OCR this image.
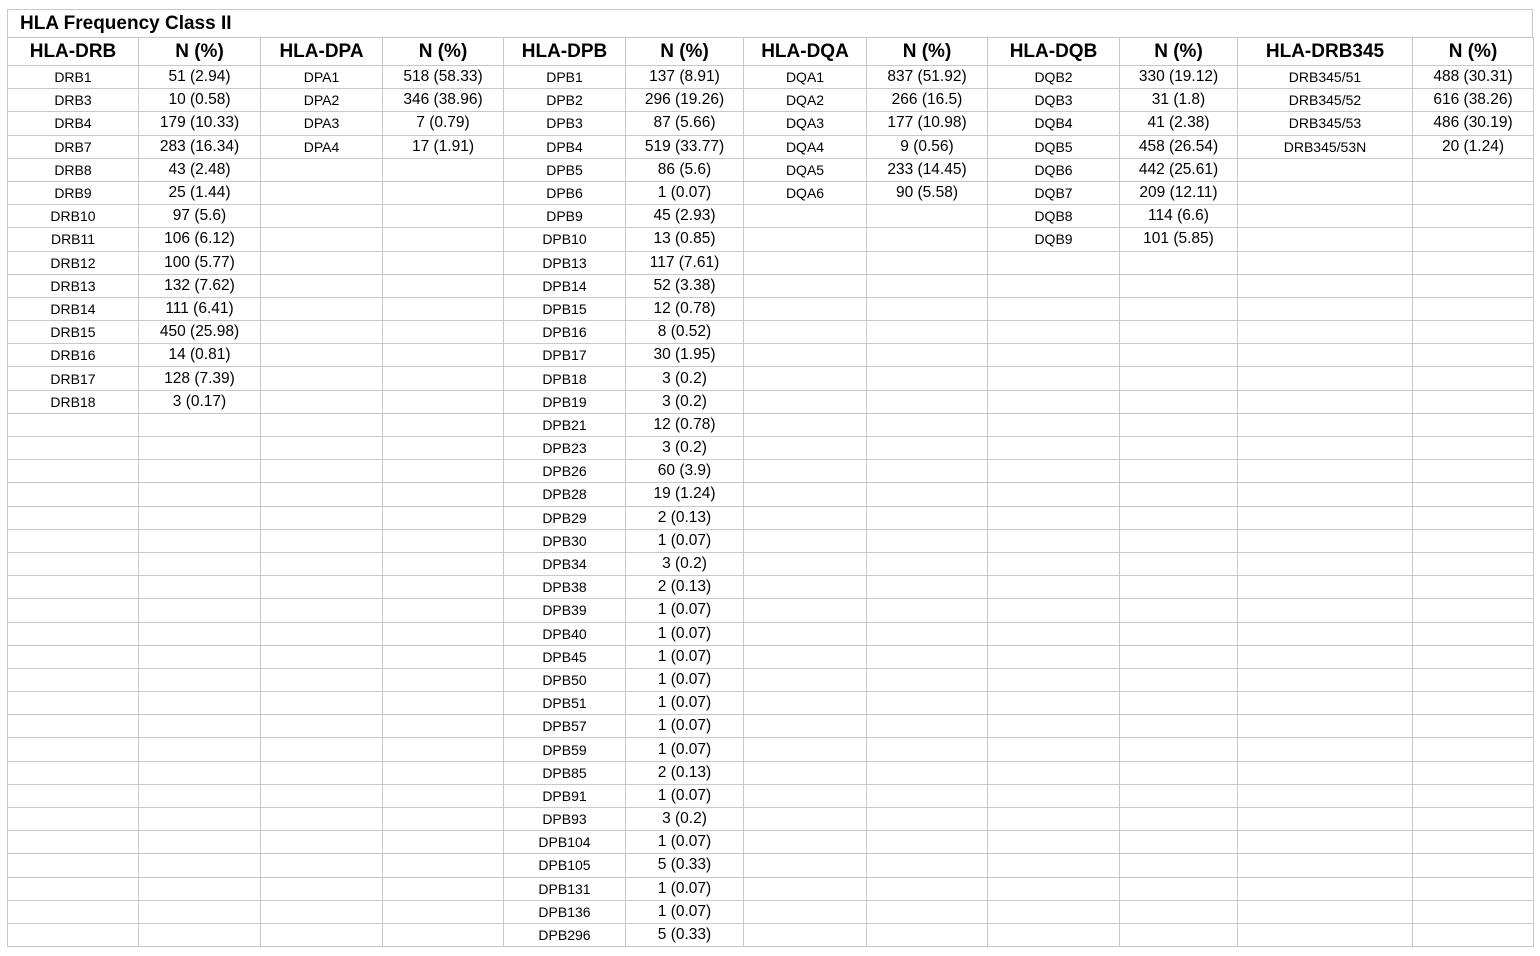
HLA Frequency Class II
HLA-DRB	N (%)	HLA-DPA	N (%)	HLA-DPB	N (%)	HLA-DQA	N (%)	HLA-DQB	N (%)	HLA-DRB345	N (%)
DRB1	51 (2.94)	DPA1	518 (58.33)	DPB1	137 (8.91)	DQA1	837 (51.92)	DQB2	330 (19.12)	DRB345/51	488 (30.31)
DRB3	10 (0.58)	DPA2	346 (38.96)	DPB2	296 (19.26)	DQA2	266 (16.5)	DQB3	31 (1.8)	DRB345/52	616 (38.26)
DRB4	179 (10.33)	DPA3	7 (0.79)	DPB3	87 (5.66)	DQA3	177 (10.98)	DQB4	41 (2.38)	DRB345/53	486 (30.19)
DRB7	283 (16.34)	DPA4	17 (1.91)	DPB4	519 (33.77)	DQA4	9 (0.56)	DQB5	458 (26.54)	DRB345/53N	20 (1.24)
DRB8	43 (2.48)			DPB5	86 (5.6)	DQA5	233 (14.45)	DQB6	442 (25.61)		
DRB9	25 (1.44)			DPB6	1 (0.07)	DQA6	90 (5.58)	DQB7	209 (12.11)		
DRB10	97 (5.6)			DPB9	45 (2.93)			DQB8	114 (6.6)		
DRB11	106 (6.12)			DPB10	13 (0.85)			DQB9	101 (5.85)		
DRB12	100 (5.77)			DPB13	117 (7.61)						
DRB13	132 (7.62)			DPB14	52 (3.38)						
DRB14	111 (6.41)			DPB15	12 (0.78)						
DRB15	450 (25.98)			DPB16	8 (0.52)						
DRB16	14 (0.81)			DPB17	30 (1.95)						
DRB17	128 (7.39)			DPB18	3 (0.2)						
DRB18	3 (0.17)			DPB19	3 (0.2)						
				DPB21	12 (0.78)						
				DPB23	3 (0.2)						
				DPB26	60 (3.9)						
				DPB28	19 (1.24)						
				DPB29	2 (0.13)						
				DPB30	1 (0.07)						
				DPB34	3 (0.2)						
				DPB38	2 (0.13)						
				DPB39	1 (0.07)						
				DPB40	1 (0.07)						
				DPB45	1 (0.07)						
				DPB50	1 (0.07)						
				DPB51	1 (0.07)						
				DPB57	1 (0.07)						
				DPB59	1 (0.07)						
				DPB85	2 (0.13)						
				DPB91	1 (0.07)						
				DPB93	3 (0.2)						
				DPB104	1 (0.07)						
				DPB105	5 (0.33)						
				DPB131	1 (0.07)						
				DPB136	1 (0.07)						
				DPB296	5 (0.33)						
